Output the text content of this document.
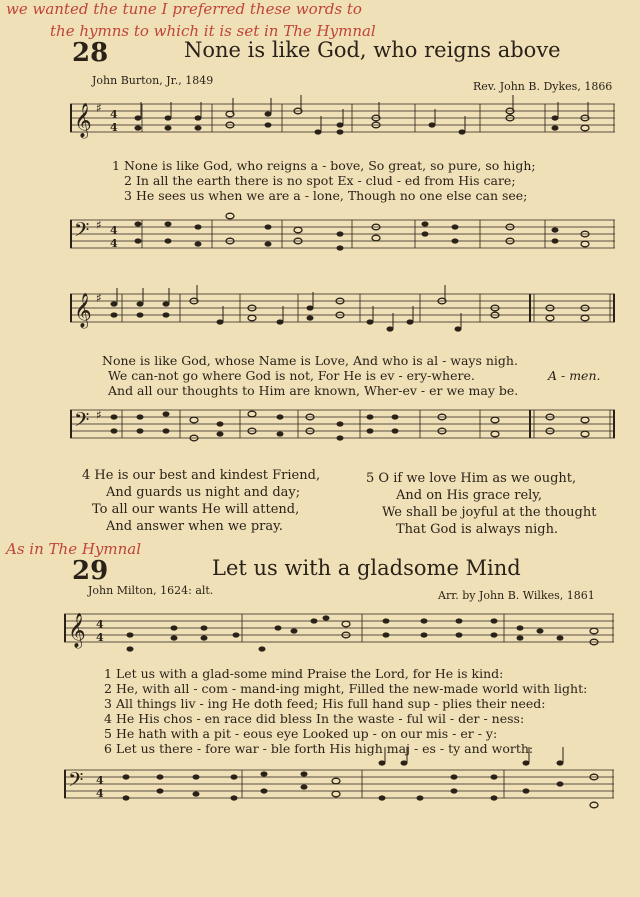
we wanted the tune I preferred these words to
the hymns to which it is set in The Hymnal
As in The Hymnal
28	None is like God, who reigns above
John Burton, Jr., 1849	Rev. John B. Dykes, 1866
𝄞 ♯ 4
4
1 None is like God, who reigns a - bove, So great, so pure, so high;
2 In all the earth there is no spot Ex - clud - ed from His care;
3 He sees us when we are a - lone, Though no one else can see;
𝄢 ♯ 4
4
𝄞 ♯
None is like God, whose Name is Love, And who is al - ways nigh.
We can-not go where God is not, For He is ev - ery-where.
And all our thoughts to Him are known, Wher-ev - er we may be.
A - men.
𝄢 ♯
4 He is our best and kindest Friend,
And guards us night and day;
To all our wants He will attend,
And answer when we pray.
5 O if we love Him as we ought,
And on His grace rely,
We shall be joyful at the thought
That God is always nigh.
29	Let us with a gladsome Mind
John Milton, 1624: alt.	Arr. by John B. Wilkes, 1861
𝄞 4
4
1 Let us with a glad-some mind Praise the Lord, for He is kind:
2 He, with all - com - mand-ing might, Filled the new-made world with light:
3 All things liv - ing He doth feed; His full hand sup - plies their need:
4 He His chos - en race did bless In the waste - ful wil - der - ness:
5 He hath with a pit - eous eye Looked up - on our mis - er - y:
6 Let us there - fore war - ble forth His high maj - es - ty and worth:
𝄢 4
4
